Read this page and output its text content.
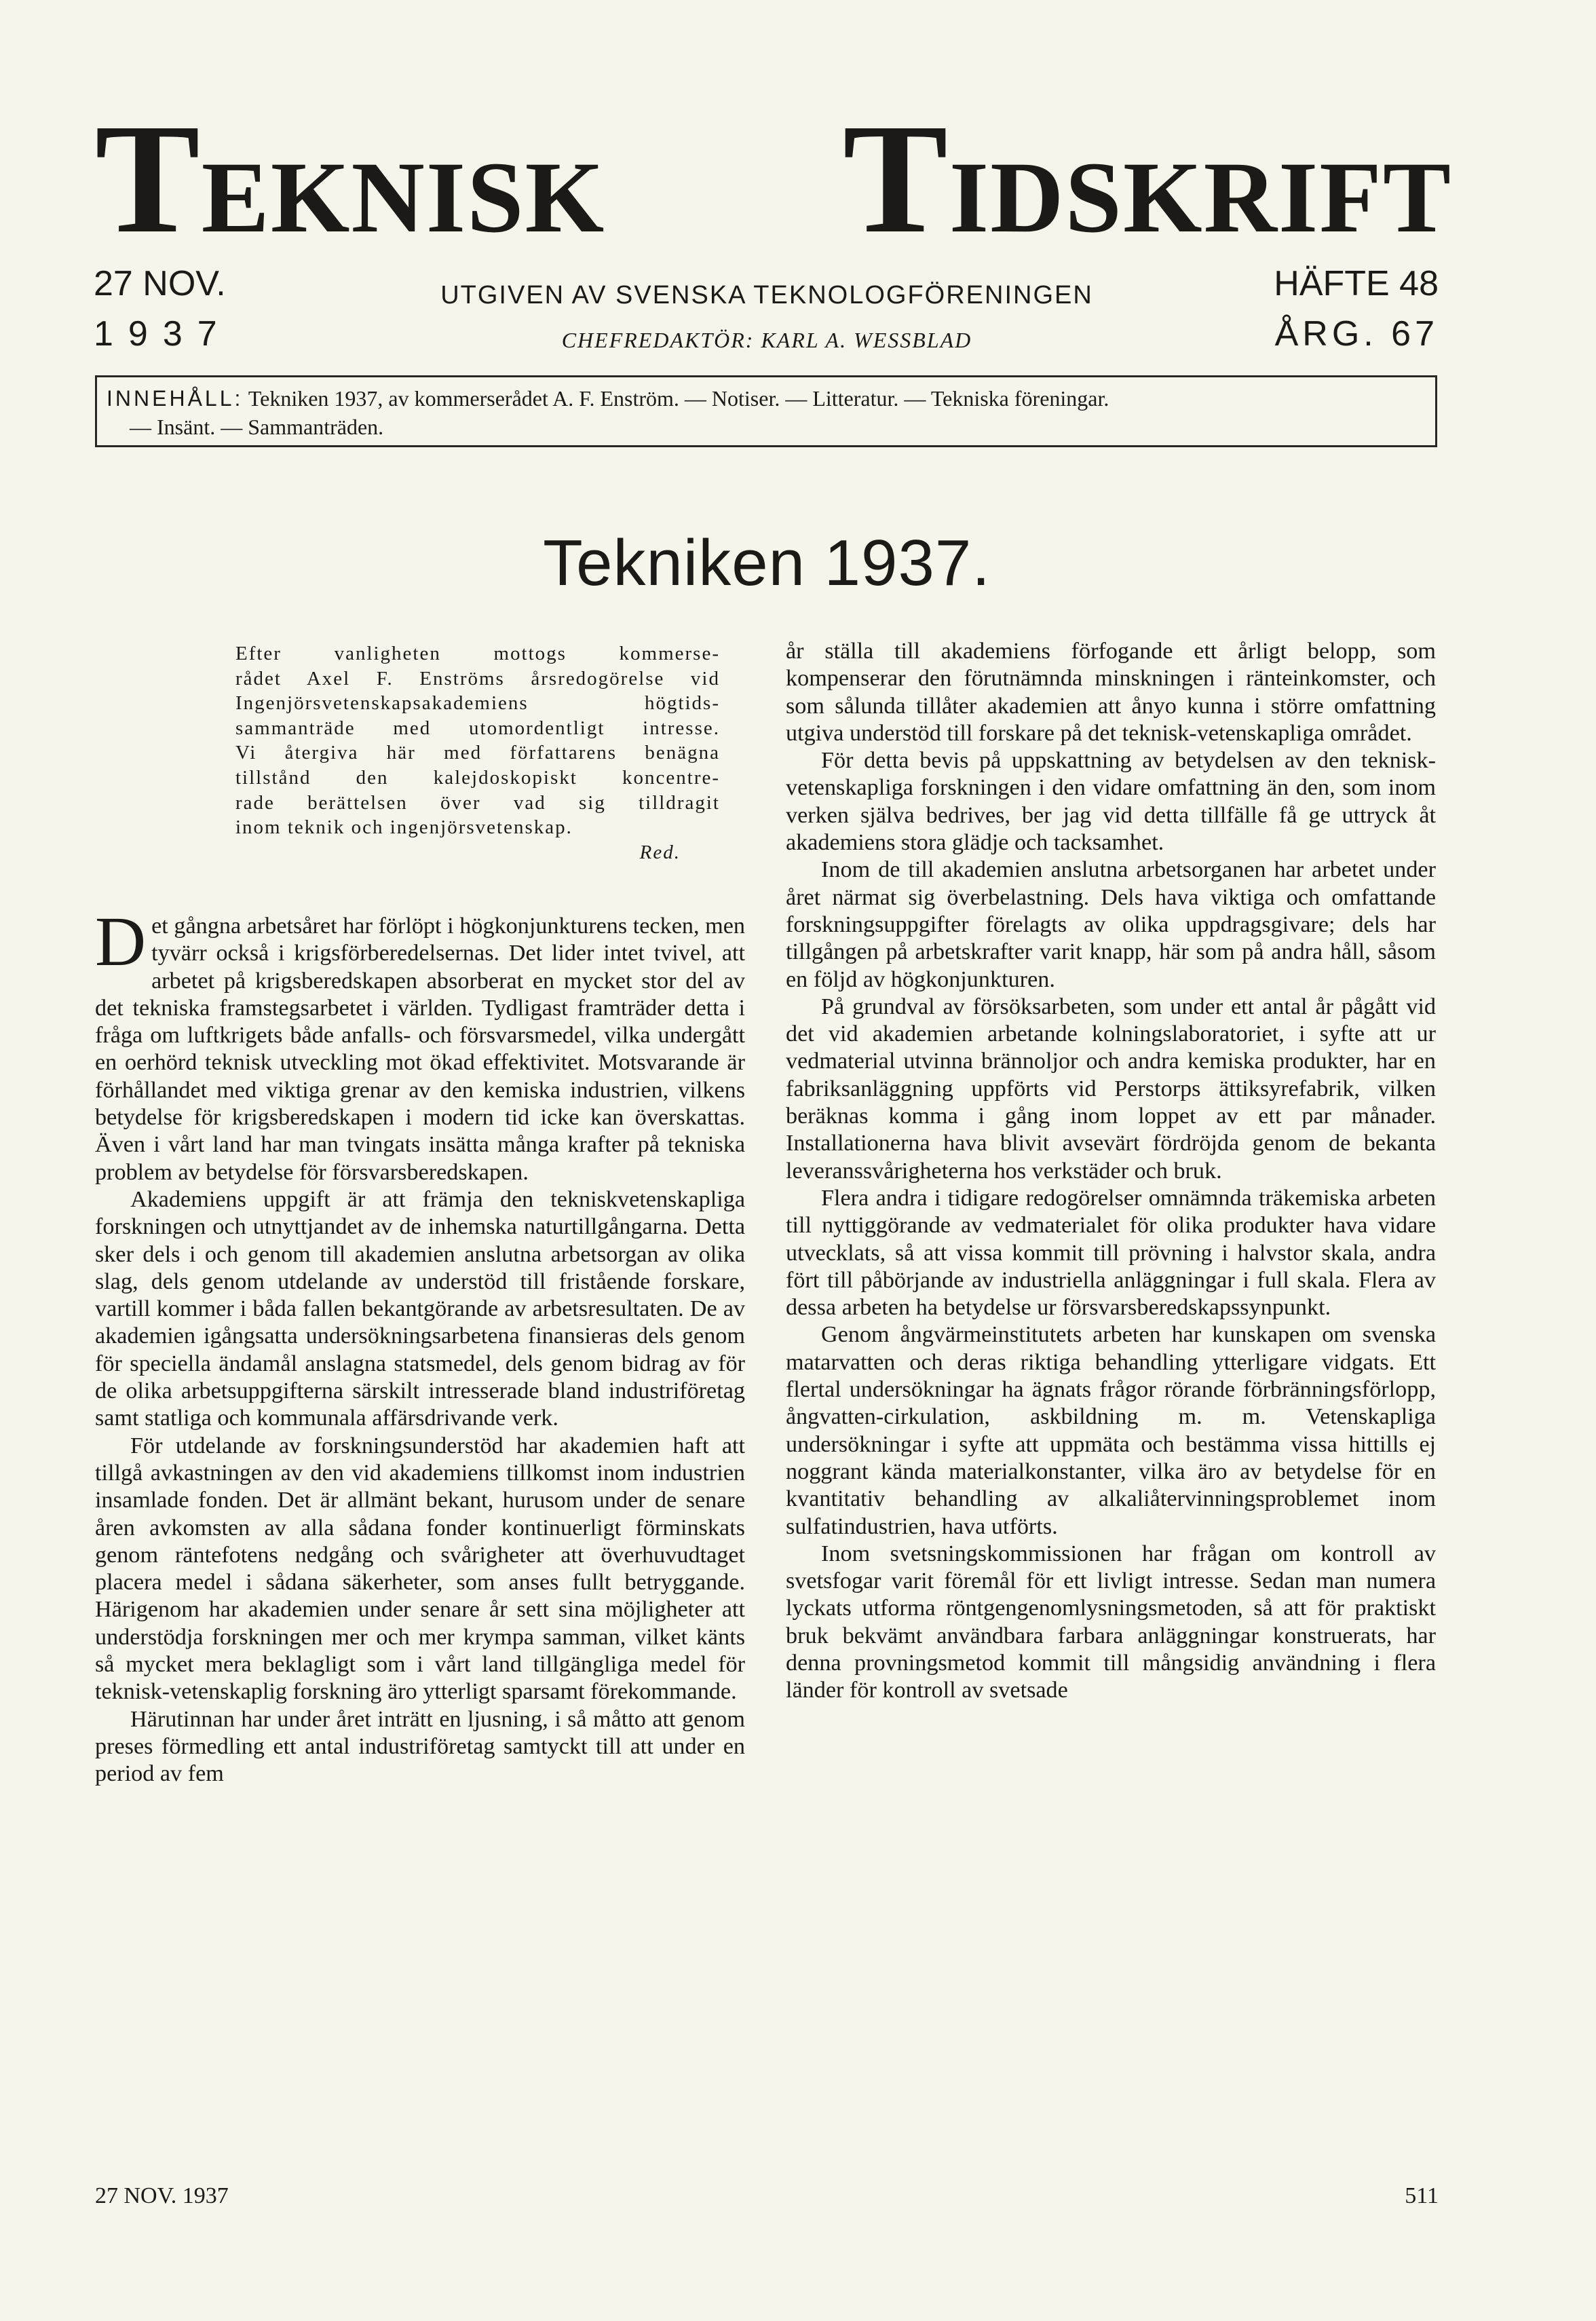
TEKNISK TIDSKRIFT
27 NOV.
1937
UTGIVEN AV SVENSKA TEKNOLOGFÖRENINGEN
CHEFREDAKTÖR: KARL A. WESSBLAD
HÄFTE 48
ÅRG. 67
INNEHÅLL: Tekniken 1937, av kommerserådet A. F. Enström. — Notiser. — Litteratur. — Tekniska föreningar.
— Insänt. — Sammanträden.
Tekniken 1937.
Efter vanligheten mottogs kommerse-
rådet Axel F. Enströms årsredogörelse vid
Ingenjörsvetenskapsakademiens högtids-
sammanträde med utomordentligt intresse.
Vi återgiva här med författarens benägna
tillstånd den kalejdoskopiskt koncentre-
rade berättelsen över vad sig tilldragit
inom teknik och ingenjörsvetenskap.
Red.

Det gångna arbetsåret har förlöpt i högkonjunkturens tecken, men tyvärr också i krigsförberedelsernas. Det lider intet tvivel, att arbetet på krigsberedskapen absorberat en mycket stor del av det tekniska framstegsarbetet i världen. Tydligast framträder detta i fråga om luftkrigets både anfalls- och försvarsmedel, vilka undergått en oerhörd teknisk utveckling mot ökad effektivitet. Motsvarande är förhållandet med viktiga grenar av den kemiska industrien, vilkens betydelse för krigsberedskapen i modern tid icke kan överskattas. Även i vårt land har man tvingats insätta många krafter på tekniska problem av betydelse för försvarsberedskapen.

Akademiens uppgift är att främja den tekniskvetenskapliga forskningen och utnyttjandet av de inhemska naturtillgångarna. Detta sker dels i och genom till akademien anslutna arbetsorgan av olika slag, dels genom utdelande av understöd till fristående forskare, vartill kommer i båda fallen bekantgörande av arbetsresultaten. De av akademien igångsatta undersökningsarbetena finansieras dels genom för speciella ändamål anslagna statsmedel, dels genom bidrag av för de olika arbetsuppgifterna särskilt intresserade bland industriföretag samt statliga och kommunala affärsdrivande verk.

För utdelande av forskningsunderstöd har akademien haft att tillgå avkastningen av den vid akademiens tillkomst inom industrien insamlade fonden. Det är allmänt bekant, hurusom under de senare åren avkomsten av alla sådana fonder kontinuerligt förminskats genom räntefotens nedgång och svårigheter att överhuvudtaget placera medel i sådana säkerheter, som anses fullt betryggande. Härigenom har akademien under senare år sett sina möjligheter att understödja forskningen mer och mer krympa samman, vilket känts så mycket mera beklagligt som i vårt land tillgängliga medel för teknisk-vetenskaplig forskning äro ytterligt sparsamt förekommande.

Härutinnan har under året inträtt en ljusning, i så måtto att genom preses förmedling ett antal industriföretag samtyckt till att under en period av fem

år ställa till akademiens förfogande ett årligt belopp, som kompenserar den förutnämnda minskningen i ränteinkomster, och som sålunda tillåter akademien att ånyo kunna i större omfattning utgiva understöd till forskare på det teknisk-vetenskapliga området.

För detta bevis på uppskattning av betydelsen av den teknisk-vetenskapliga forskningen i den vidare omfattning än den, som inom verken själva bedrives, ber jag vid detta tillfälle få ge uttryck åt akademiens stora glädje och tacksamhet.

Inom de till akademien anslutna arbetsorganen har arbetet under året närmat sig överbelastning. Dels hava viktiga och omfattande forskningsuppgifter förelagts av olika uppdragsgivare; dels har tillgången på arbetskrafter varit knapp, här som på andra håll, såsom en följd av högkonjunkturen.

På grundval av försöksarbeten, som under ett antal år pågått vid det vid akademien arbetande kolningslaboratoriet, i syfte att ur vedmaterial utvinna brännoljor och andra kemiska produkter, har en fabriksanläggning uppförts vid Perstorps ättiksyrefabrik, vilken beräknas komma i gång inom loppet av ett par månader. Installationerna hava blivit avsevärt fördröjda genom de bekanta leveranssvårigheterna hos verkstäder och bruk.

Flera andra i tidigare redogörelser omnämnda träkemiska arbeten till nyttiggörande av vedmaterialet för olika produkter hava vidare utvecklats, så att vissa kommit till prövning i halvstor skala, andra fört till påbörjande av industriella anläggningar i full skala. Flera av dessa arbeten ha betydelse ur försvarsberedskapssynpunkt.

Genom ångvärmeinstitutets arbeten har kunskapen om svenska matarvatten och deras riktiga behandling ytterligare vidgats. Ett flertal undersökningar ha ägnats frågor rörande förbränningsförlopp, ångvatten-cirkulation, askbildning m. m. Vetenskapliga undersökningar i syfte att uppmäta och bestämma vissa hittills ej noggrant kända materialkonstanter, vilka äro av betydelse för en kvantitativ behandling av alkaliåtervinningsproblemet inom sulfatindustrien, hava utförts.

Inom svetsningskommissionen har frågan om kontroll av svetsfogar varit föremål för ett livligt intresse. Sedan man numera lyckats utforma röntgengenomlysningsmetoden, så att för praktiskt bruk bekvämt användbara farbara anläggningar konstruerats, har denna provningsmetod kommit till mångsidig användning i flera länder för kontroll av svetsade

27 NOV. 1937	511
